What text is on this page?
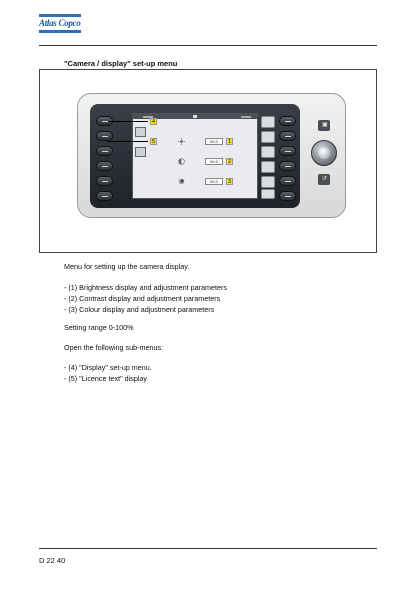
Atlas Copco
"Camera / display" set-up menu
00.0	1
00.0	2
00.0	3
4
5
▣
↺
Menu for setting up the camera display.
- (1) Brightness display and adjustment parameters
- (2) Contrast display and adjustment parameters
- (3) Colour display and adjustment parameters
Setting range 0-100%
Open the following sub-menus:
- (4) "Display" set-up menu.
- (5) "Licence text" display
D 22 40
